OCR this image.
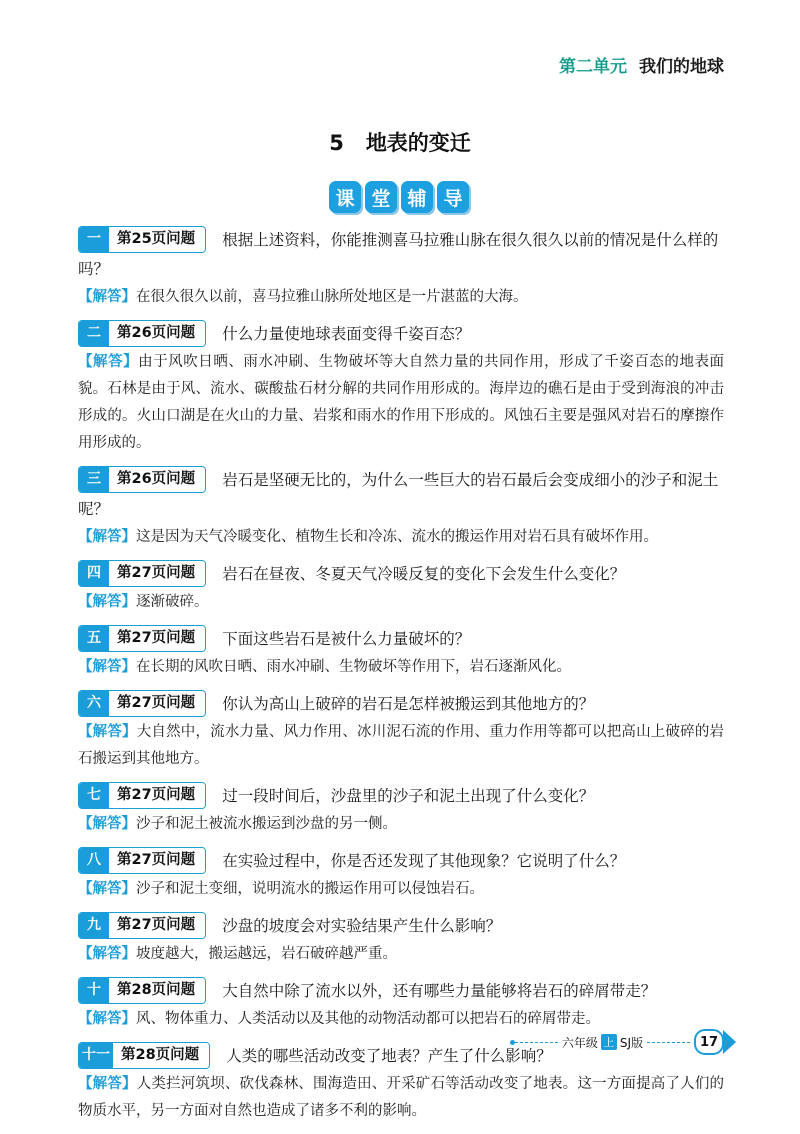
第二单元 我们的地球
5 地表的变迁
课 堂 辅 导
一	第25页问题	根据上述资料，你能推测喜马拉雅山脉在很久很久以前的情况是什么样的吗？
【解答】在很久很久以前，喜马拉雅山脉所处地区是一片湛蓝的大海。
二	第26页问题	什么力量使地球表面变得千姿百态？
【解答】由于风吹日晒、雨水冲刷、生物破坏等大自然力量的共同作用，形成了千姿百态的地表面貌。石林是由于风、流水、碳酸盐石材分解的共同作用形成的。海岸边的礁石是由于受到海浪的冲击形成的。火山口湖是在火山的力量、岩浆和雨水的作用下形成的。风蚀石主要是强风对岩石的摩擦作用形成的。
三	第26页问题	岩石是坚硬无比的，为什么一些巨大的岩石最后会变成细小的沙子和泥土呢？
【解答】这是因为天气冷暖变化、植物生长和冷冻、流水的搬运作用对岩石具有破坏作用。
四	第27页问题	岩石在昼夜、冬夏天气冷暖反复的变化下会发生什么变化？
【解答】逐渐破碎。
五	第27页问题	下面这些岩石是被什么力量破坏的？
【解答】在长期的风吹日晒、雨水冲刷、生物破坏等作用下，岩石逐渐风化。
六	第27页问题	你认为高山上破碎的岩石是怎样被搬运到其他地方的？
【解答】大自然中，流水力量、风力作用、冰川泥石流的作用、重力作用等都可以把高山上破碎的岩石搬运到其他地方。
七	第27页问题	过一段时间后，沙盘里的沙子和泥土出现了什么变化？
【解答】沙子和泥土被流水搬运到沙盘的另一侧。
八	第27页问题	在实验过程中，你是否还发现了其他现象？它说明了什么？
【解答】沙子和泥土变细，说明流水的搬运作用可以侵蚀岩石。
九	第27页问题	沙盘的坡度会对实验结果产生什么影响？
【解答】坡度越大，搬运越远，岩石破碎越严重。
十	第28页问题	大自然中除了流水以外，还有哪些力量能够将岩石的碎屑带走？
【解答】风、物体重力、人类活动以及其他的动物活动都可以把岩石的碎屑带走。
十一 第28页问题	人类的哪些活动改变了地表？产生了什么影响？
【解答】人类拦河筑坝、砍伐森林、围海造田、开采矿石等活动改变了地表。这一方面提高了人们的物质水平，另一方面对自然也造成了诸多不利的影响。
六年级 上 SJ版	17
